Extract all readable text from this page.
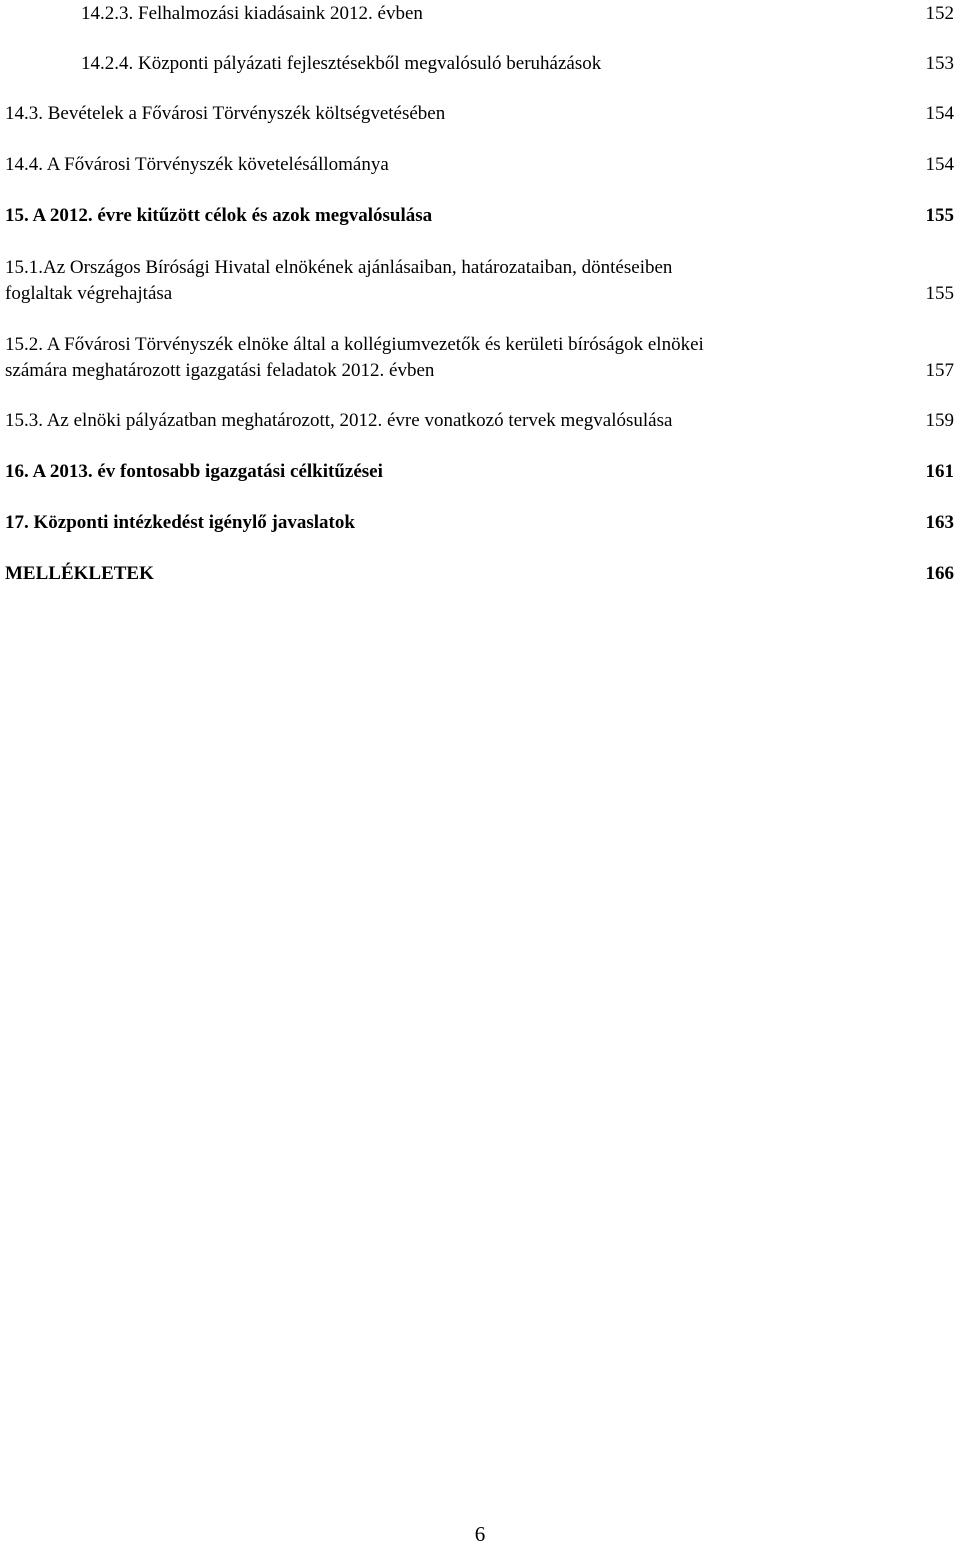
14.2.3. Felhalmozási kiadásaink 2012. évben	152
14.2.4. Központi pályázati fejlesztésekből megvalósuló beruházások	153
14.3. Bevételek a Fővárosi Törvényszék költségvetésében	154
14.4. A Fővárosi Törvényszék követelésállománya	154
15. A 2012. évre kitűzött célok és azok megvalósulása	155
15.1.Az Országos Bírósági Hivatal elnökének ajánlásaiban, határozataiban, döntéseiben
foglaltak végrehajtása	155
15.2. A Fővárosi Törvényszék elnöke által a kollégiumvezetők és kerületi bíróságok elnökei
számára meghatározott igazgatási feladatok 2012. évben	157
15.3. Az elnöki pályázatban meghatározott, 2012. évre vonatkozó tervek megvalósulása	159
16. A 2013. év fontosabb igazgatási célkitűzései	161
17. Központi intézkedést igénylő javaslatok	163
MELLÉKLETEK	166
6
